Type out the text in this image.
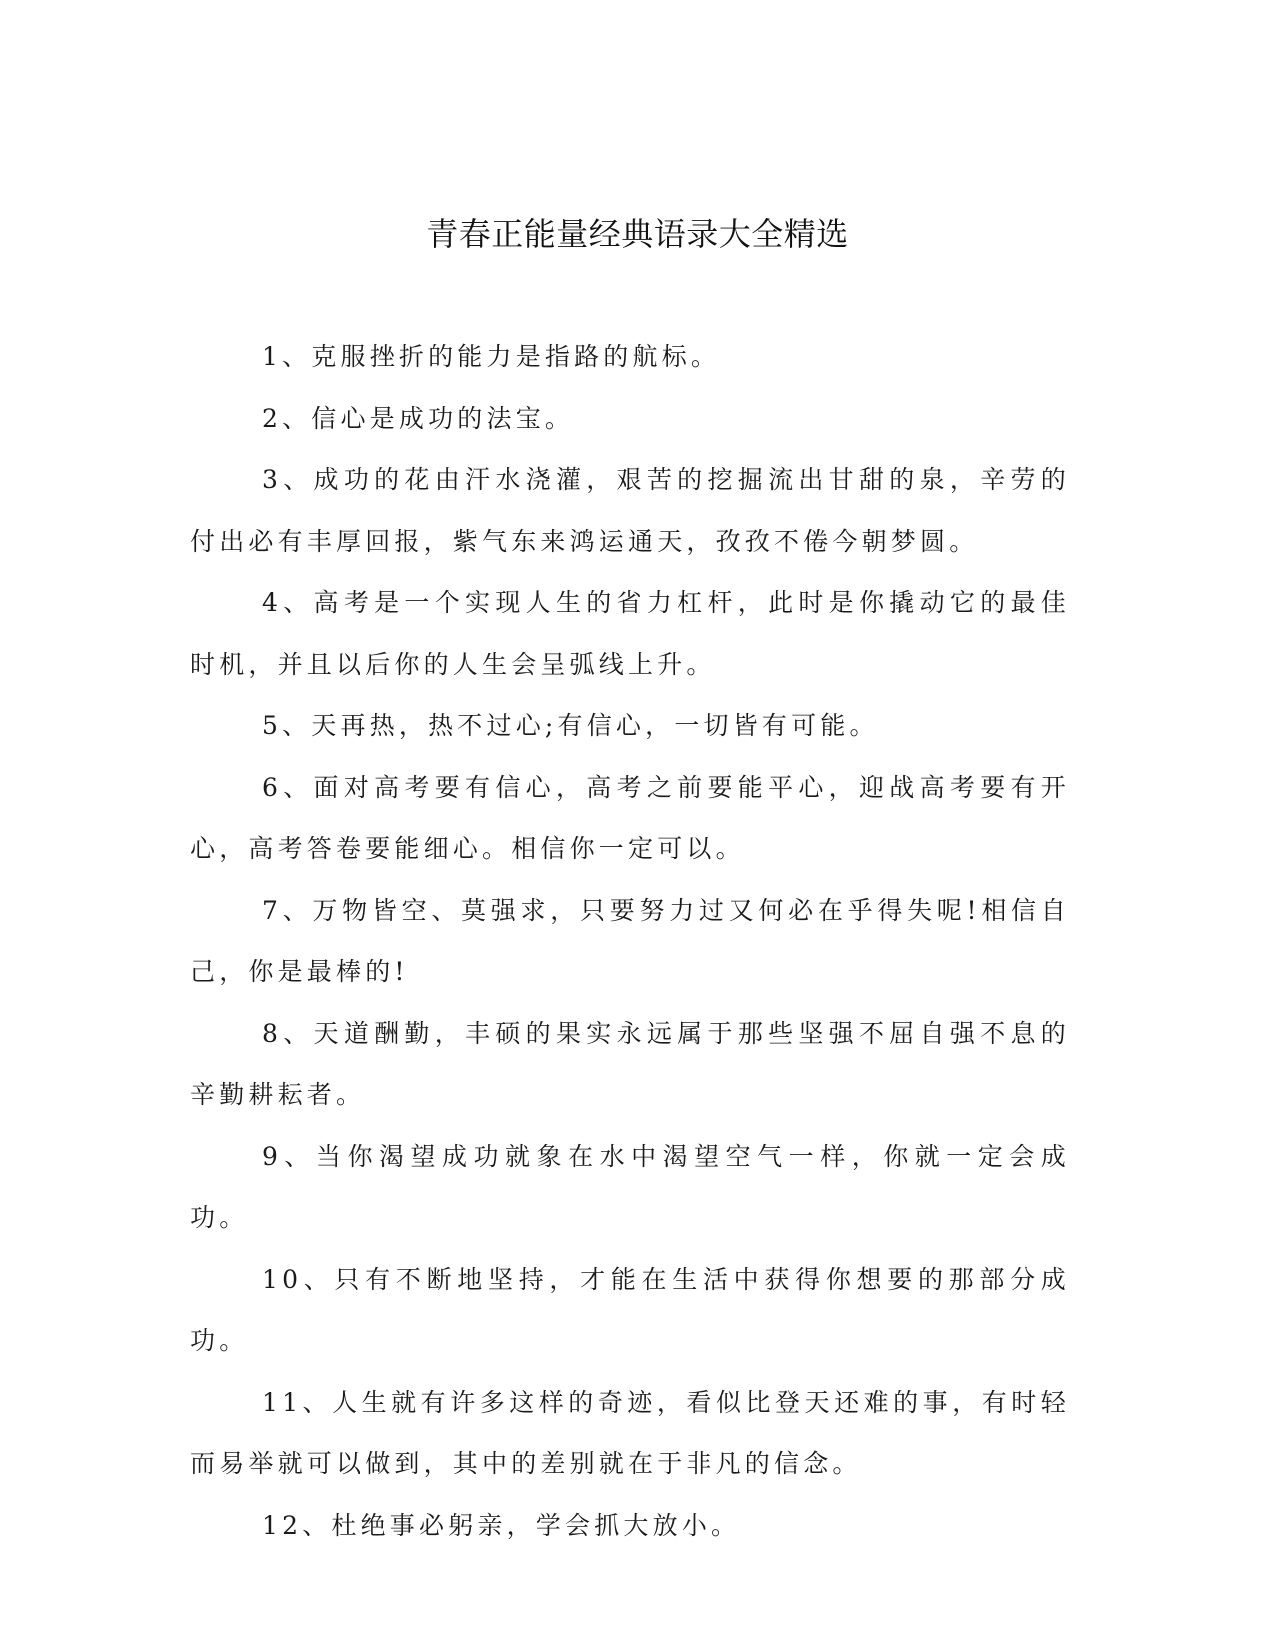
青春正能量经典语录大全精选

1、克服挫折的能力是指路的航标。

2、信心是成功的法宝。

3、成功的花由汗水浇灌，艰苦的挖掘流出甘甜的泉，辛劳的付出必有丰厚回报，紫气东来鸿运通天，孜孜不倦今朝梦圆。

4、高考是一个实现人生的省力杠杆，此时是你撬动它的最佳时机，并且以后你的人生会呈弧线上升。

5、天再热，热不过心;有信心，一切皆有可能。

6、面对高考要有信心，高考之前要能平心，迎战高考要有开心，高考答卷要能细心。相信你一定可以。

7、万物皆空、莫强求，只要努力过又何必在乎得失呢!相信自己，你是最棒的!

8、天道酬勤，丰硕的果实永远属于那些坚强不屈自强不息的辛勤耕耘者。

9、当你渴望成功就象在水中渴望空气一样，你就一定会成功。

10、只有不断地坚持，才能在生活中获得你想要的那部分成功。

11、人生就有许多这样的奇迹，看似比登天还难的事，有时轻而易举就可以做到，其中的差别就在于非凡的信念。

12、杜绝事必躬亲，学会抓大放小。
